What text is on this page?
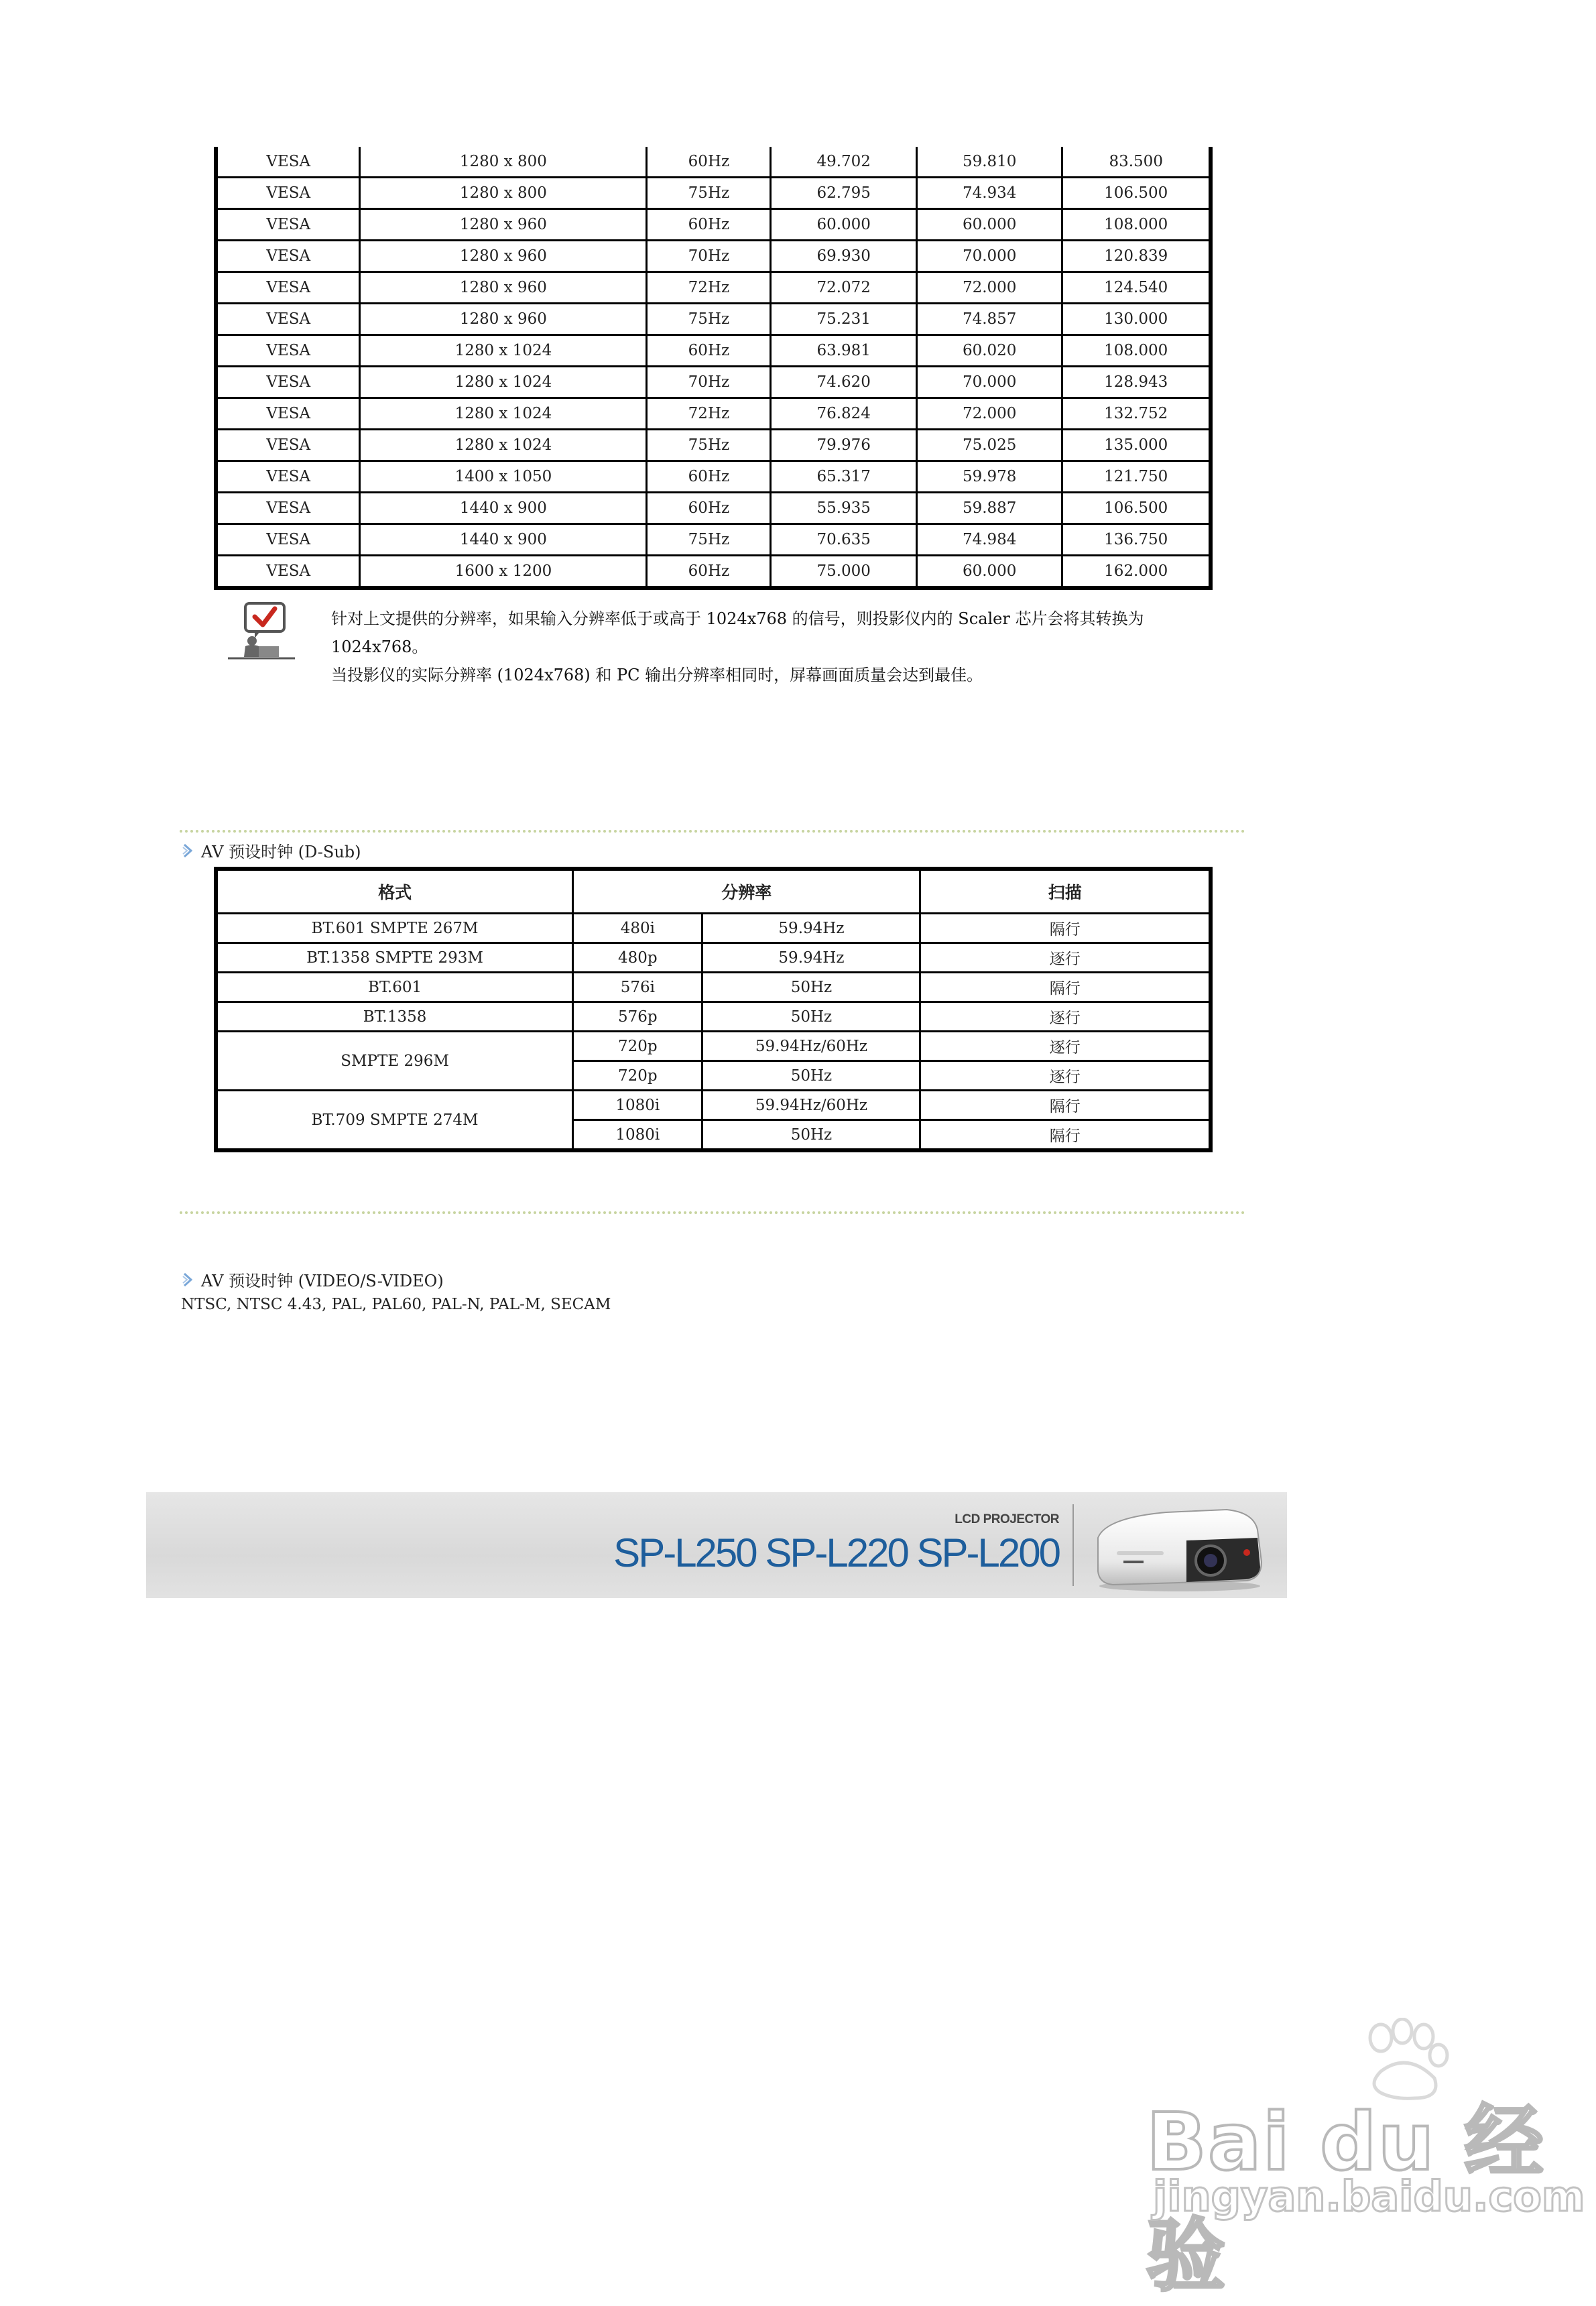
VESA	1280 x 800	60Hz	49.702	59.810	83.500
VESA	1280 x 800	75Hz	62.795	74.934	106.500
VESA	1280 x 960	60Hz	60.000	60.000	108.000
VESA	1280 x 960	70Hz	69.930	70.000	120.839
VESA	1280 x 960	72Hz	72.072	72.000	124.540
VESA	1280 x 960	75Hz	75.231	74.857	130.000
VESA	1280 x 1024	60Hz	63.981	60.020	108.000
VESA	1280 x 1024	70Hz	74.620	70.000	128.943
VESA	1280 x 1024	72Hz	76.824	72.000	132.752
VESA	1280 x 1024	75Hz	79.976	75.025	135.000
VESA	1400 x 1050	60Hz	65.317	59.978	121.750
VESA	1440 x 900	60Hz	55.935	59.887	106.500
VESA	1440 x 900	75Hz	70.635	74.984	136.750
VESA	1600 x 1200	60Hz	75.000	60.000	162.000

针对上文提供的分辨率，如果输入分辨率低于或高于 1024x768 的信号，则投影仪内的 Scaler 芯片会将其转换为

1024x768。

当投影仪的实际分辨率 (1024x768) 和 PC 输出分辨率相同时，屏幕画面质量会达到最佳。

AV 预设时钟 (D-Sub)
格式	分辨率		扫描
BT.601 SMPTE 267M	480i	59.94Hz	隔行
BT.1358 SMPTE 293M	480p	59.94Hz	逐行
BT.601	576i	50Hz	隔行
BT.1358	576p	50Hz	逐行
SMPTE 296M	720p	59.94Hz/60Hz	逐行
	720p	50Hz	逐行
BT.709 SMPTE 274M	1080i	59.94Hz/60Hz	隔行
	1080i	50Hz	隔行
AV 预设时钟 (VIDEO/S-VIDEO)
NTSC, NTSC 4.43, PAL, PAL60, PAL-N, PAL-M, SECAM
LCD PROJECTOR
SP-L250 SP-L220 SP-L200
Bai du 经验
jingyan.baidu.com
